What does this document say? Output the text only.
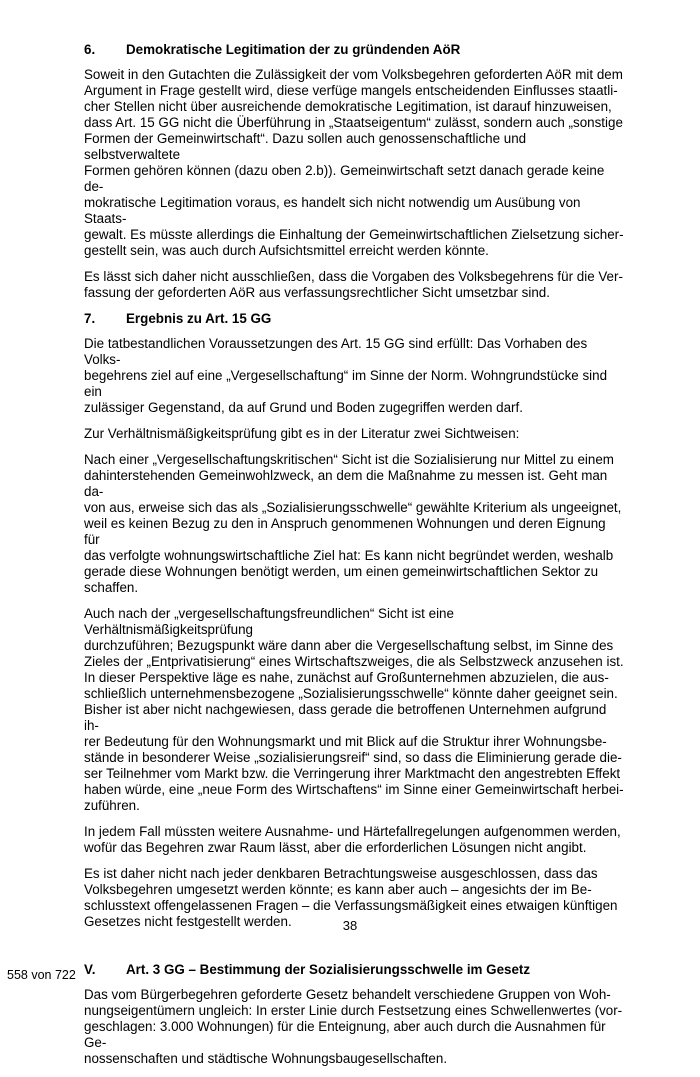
6.	Demokratische Legitimation der zu gründenden AöR

Soweit in den Gutachten die Zulässigkeit der vom Volksbegehren geforderten AöR mit dem
Argument in Frage gestellt wird, diese verfüge mangels entscheidenden Einflusses staatli-
cher Stellen nicht über ausreichende demokratische Legitimation, ist darauf hinzuweisen,
dass Art. 15 GG nicht die Überführung in „Staatseigentum“ zulässt, sondern auch „sonstige
Formen der Gemeinwirtschaft“. Dazu sollen auch genossenschaftliche und selbstverwaltete
Formen gehören können (dazu oben 2.b)). Gemeinwirtschaft setzt danach gerade keine de-
mokratische Legitimation voraus, es handelt sich nicht notwendig um Ausübung von Staats-
gewalt. Es müsste allerdings die Einhaltung der Gemeinwirtschaftlichen Zielsetzung sicher-
gestellt sein, was auch durch Aufsichtsmittel erreicht werden könnte.

Es lässt sich daher nicht ausschließen, dass die Vorgaben des Volksbegehrens für die Ver-
fassung der geforderten AöR aus verfassungsrechtlicher Sicht umsetzbar sind.

7.	Ergebnis zu Art. 15 GG

Die tatbestandlichen Voraussetzungen des Art. 15 GG sind erfüllt: Das Vorhaben des Volks-
begehrens ziel auf eine „Vergesellschaftung“ im Sinne der Norm. Wohngrundstücke sind ein
zulässiger Gegenstand, da auf Grund und Boden zugegriffen werden darf.

Zur Verhältnismäßigkeitsprüfung gibt es in der Literatur zwei Sichtweisen:

Nach einer „Vergesellschaftungskritischen“ Sicht ist die Sozialisierung nur Mittel zu einem
dahinterstehenden Gemeinwohlzweck, an dem die Maßnahme zu messen ist. Geht man da-
von aus, erweise sich das als „Sozialisierungsschwelle“ gewählte Kriterium als ungeeignet,
weil es keinen Bezug zu den in Anspruch genommenen Wohnungen und deren Eignung für
das verfolgte wohnungswirtschaftliche Ziel hat: Es kann nicht begründet werden, weshalb
gerade diese Wohnungen benötigt werden, um einen gemeinwirtschaftlichen Sektor zu
schaffen.

Auch nach der „vergesellschaftungsfreundlichen“ Sicht ist eine Verhältnismäßigkeitsprüfung
durchzuführen; Bezugspunkt wäre dann aber die Vergesellschaftung selbst, im Sinne des
Zieles der „Entprivatisierung“ eines Wirtschaftszweiges, die als Selbstzweck anzusehen ist.
In dieser Perspektive läge es nahe, zunächst auf Großunternehmen abzuzielen, die aus-
schließlich unternehmensbezogene „Sozialisierungsschwelle“ könnte daher geeignet sein.
Bisher ist aber nicht nachgewiesen, dass gerade die betroffenen Unternehmen aufgrund ih-
rer Bedeutung für den Wohnungsmarkt und mit Blick auf die Struktur ihrer Wohnungsbe-
stände in besonderer Weise „sozialisierungsreif“ sind, so dass die Eliminierung gerade die-
ser Teilnehmer vom Markt bzw. die Verringerung ihrer Marktmacht den angestrebten Effekt
haben würde, eine „neue Form des Wirtschaftens“ im Sinne einer Gemeinwirtschaft herbei-
zuführen.

In jedem Fall müssten weitere Ausnahme- und Härtefallregelungen aufgenommen werden,
wofür das Begehren zwar Raum lässt, aber die erforderlichen Lösungen nicht angibt.

Es ist daher nicht nach jeder denkbaren Betrachtungsweise ausgeschlossen, dass das
Volksbegehren umgesetzt werden könnte; es kann aber auch – angesichts der im Be-
schlusstext offengelassenen Fragen – die Verfassungsmäßigkeit eines etwaigen künftigen
Gesetzes nicht festgestellt werden.

V.	Art. 3 GG – Bestimmung der Sozialisierungsschwelle im Gesetz

Das vom Bürgerbegehren geforderte Gesetz behandelt verschiedene Gruppen von Woh-
nungseigentümern ungleich: In erster Linie durch Festsetzung eines Schwellenwertes (vor-
geschlagen: 3.000 Wohnungen) für die Enteignung, aber auch durch die Ausnahmen für Ge-
nossenschaften und städtische Wohnungsbaugesellschaften.

38
558 von 722
